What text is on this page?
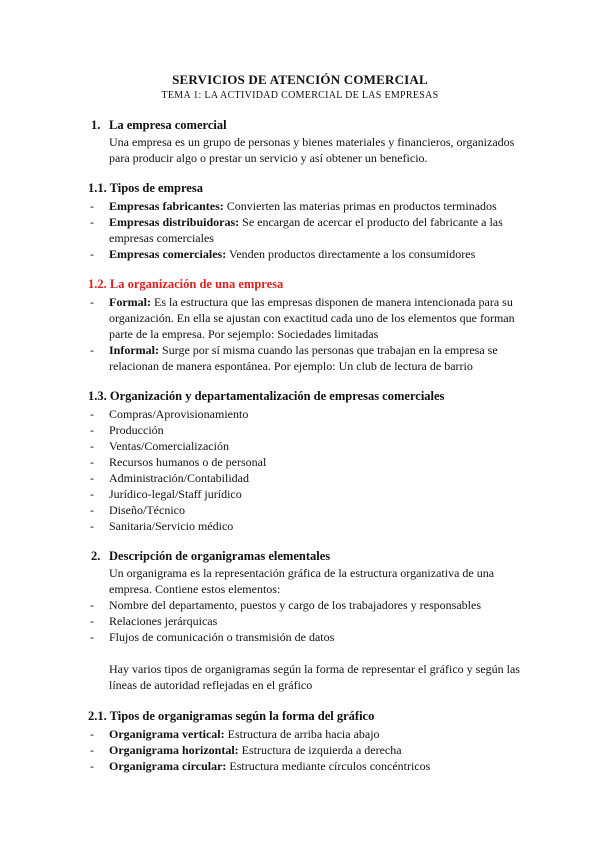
SERVICIOS DE ATENCIÓN COMERCIAL
TEMA 1: LA ACTIVIDAD COMERCIAL DE LAS EMPRESAS
1. La empresa comercial
Una empresa es un grupo de personas y bienes materiales y financieros, organizados
para producir algo o prestar un servicio y así obtener un beneficio.
1.1. Tipos de empresa
- Empresas fabricantes: Convierten las materias primas en productos terminados
- Empresas distribuidoras: Se encargan de acercar el producto del fabricante a las
empresas comerciales
- Empresas comerciales: Venden productos directamente a los consumidores
1.2. La organización de una empresa
- Formal: Es la estructura que las empresas disponen de manera intencionada para su
organización. En ella se ajustan con exactitud cada uno de los elementos que forman
parte de la empresa. Por sejemplo: Sociedades limitadas
- Informal: Surge por sí misma cuando las personas que trabajan en la empresa se
relacionan de manera espontánea. Por ejemplo: Un club de lectura de barrio
1.3. Organización y departamentalización de empresas comerciales
- Compras/Aprovisionamiento
- Producción
- Ventas/Comercialización
- Recursos humanos o de personal
- Administración/Contabilidad
- Jurídico-legal/Staff jurídico
- Diseño/Técnico
- Sanitaria/Servicio médico
2. Descripción de organigramas elementales
Un organigrama es la representación gráfica de la estructura organizativa de una
empresa. Contiene estos elementos:
- Nombre del departamento, puestos y cargo de los trabajadores y responsables
- Relaciones jerárquicas
- Flujos de comunicación o transmisión de datos
Hay varios tipos de organigramas según la forma de representar el gráfico y según las
líneas de autoridad reflejadas en el gráfico
2.1. Tipos de organigramas según la forma del gráfico
- Organigrama vertical: Estructura de arriba hacia abajo
- Organigrama horizontal: Estructura de izquierda a derecha
- Organigrama circular: Estructura mediante círculos concéntricos
